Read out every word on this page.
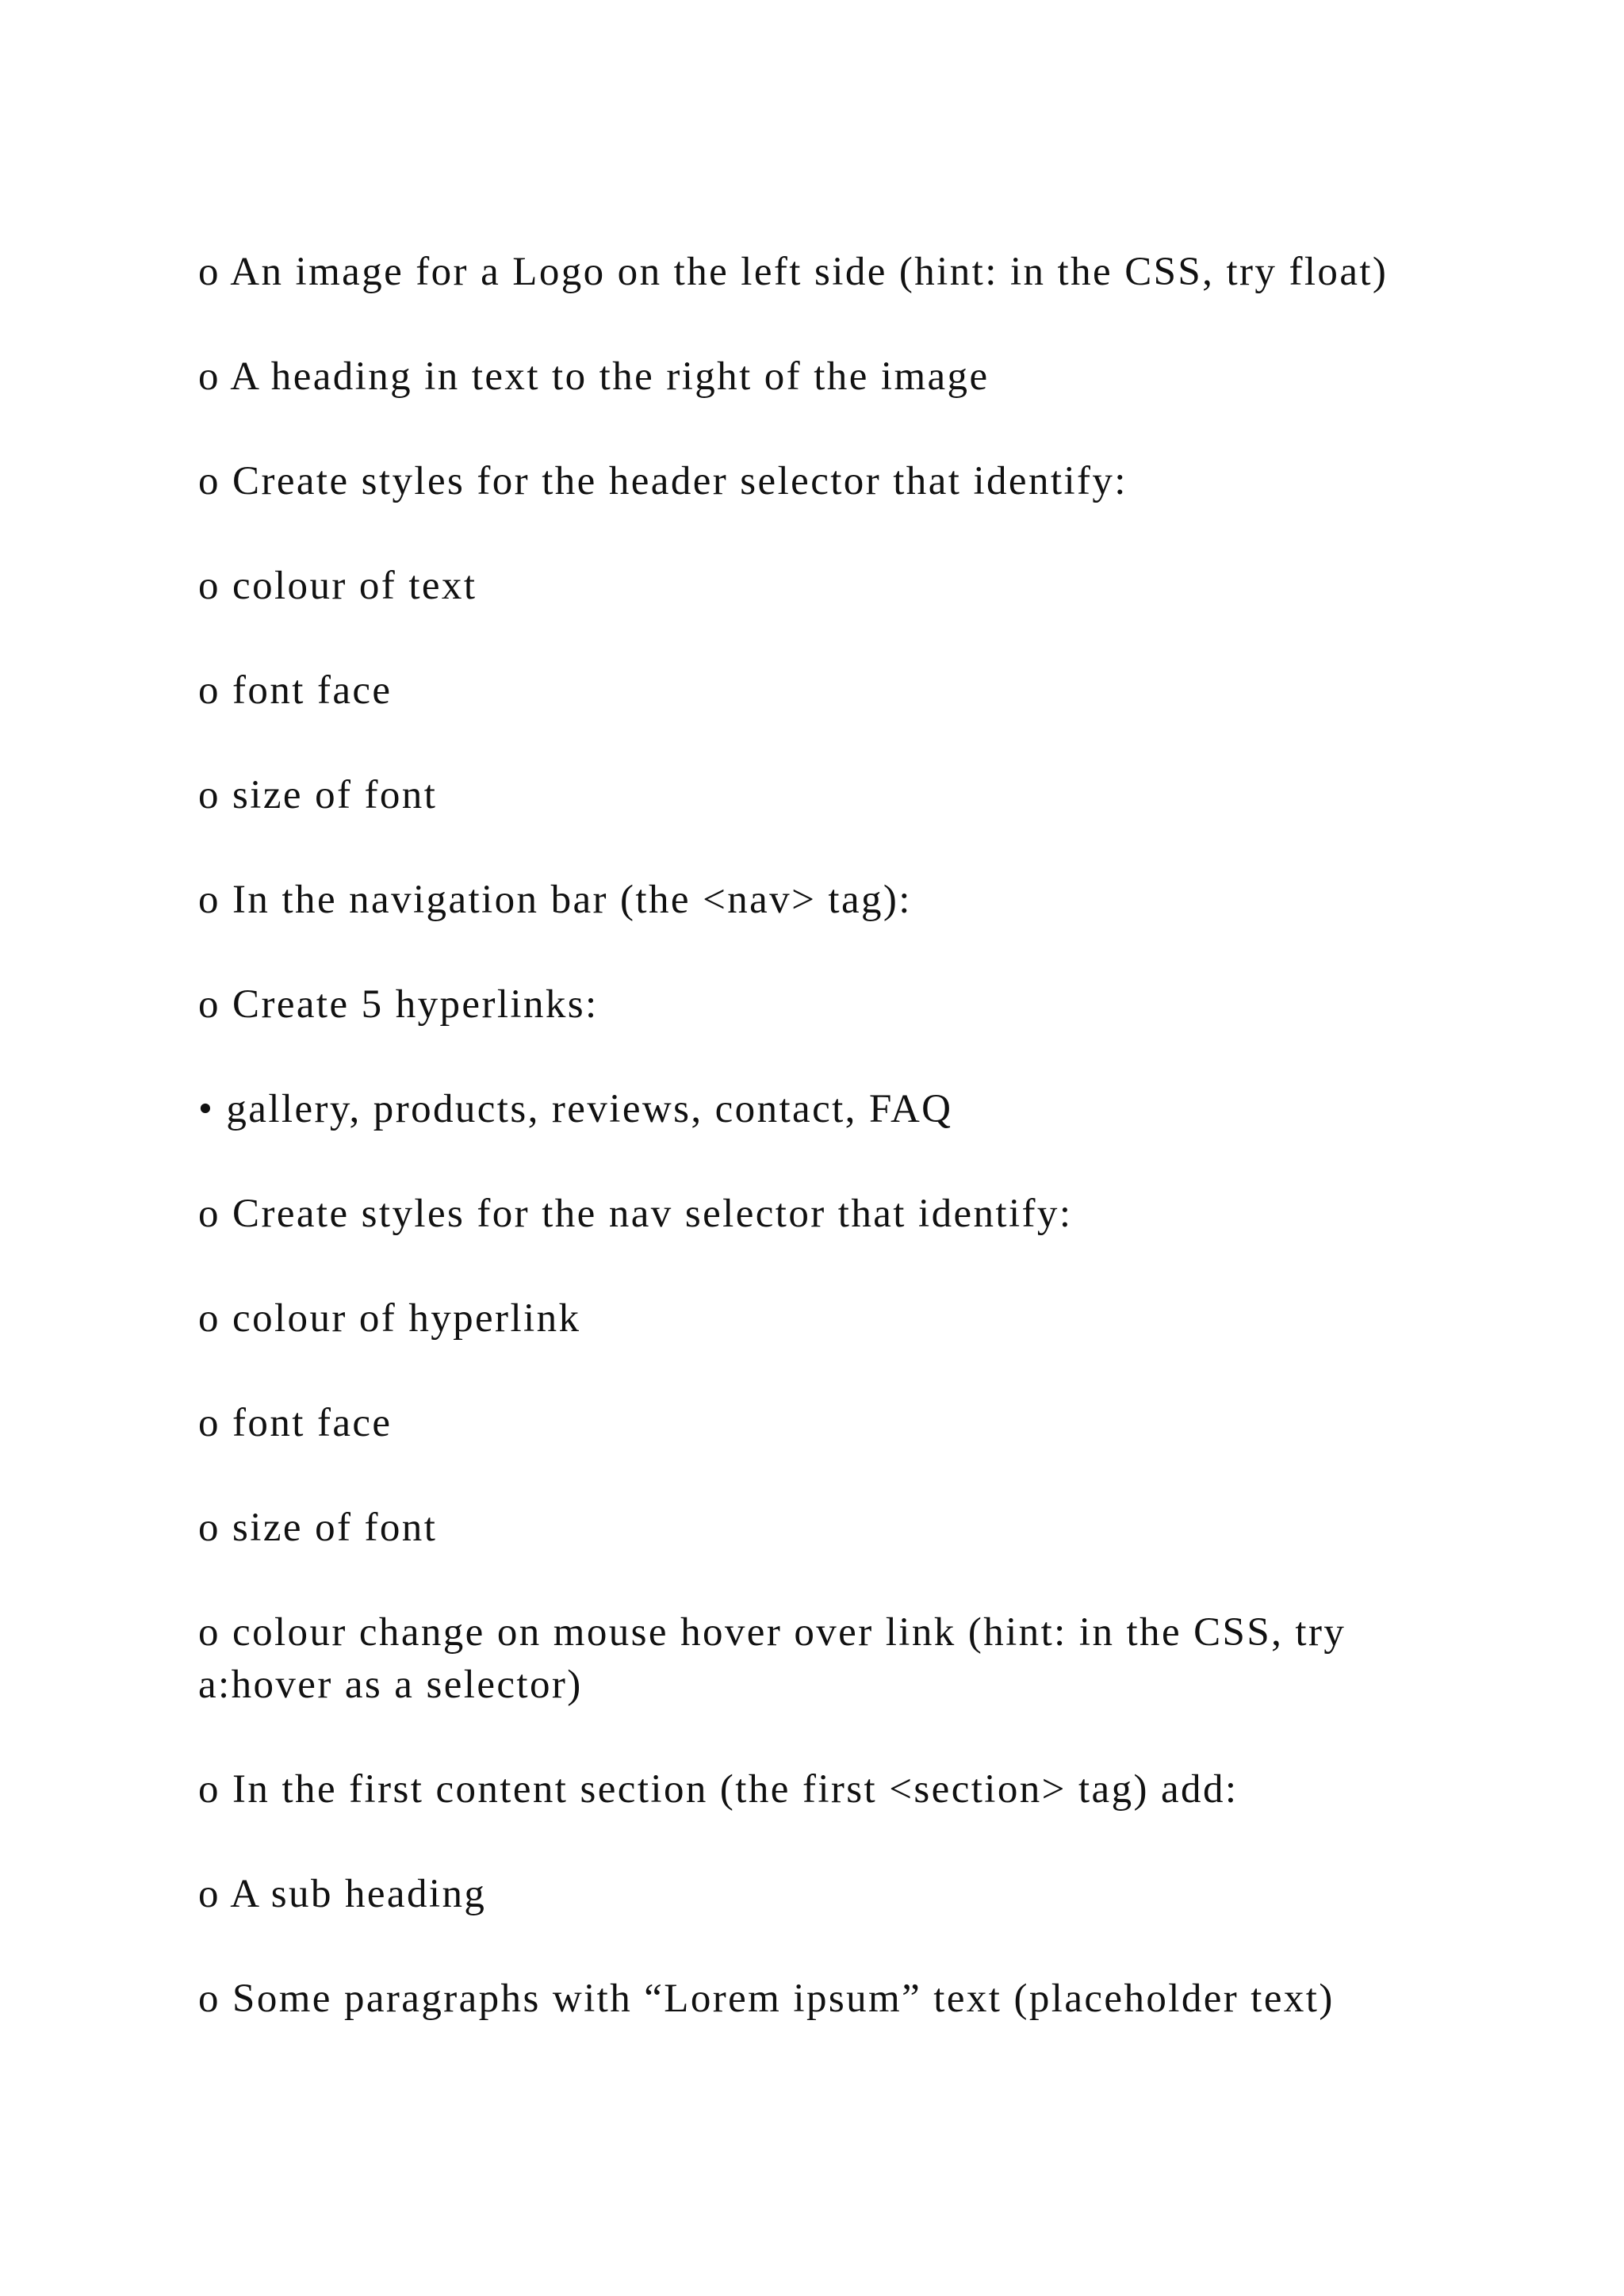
o An image for a Logo on the left side (hint: in the CSS, try float)

o A heading in text to the right of the image

o Create styles for the header selector that identify:

o colour of text

o font face

o size of font

o In the navigation bar (the <nav> tag):

o Create 5 hyperlinks:

• gallery, products, reviews, contact, FAQ

o Create styles for the nav selector that identify:

o colour of hyperlink

o font face

o size of font

o colour change on mouse hover over link (hint: in the CSS, try a:hover as a selector)

o In the first content section (the first <section> tag) add:

o A sub heading

o Some paragraphs with “Lorem ipsum” text (placeholder text)
